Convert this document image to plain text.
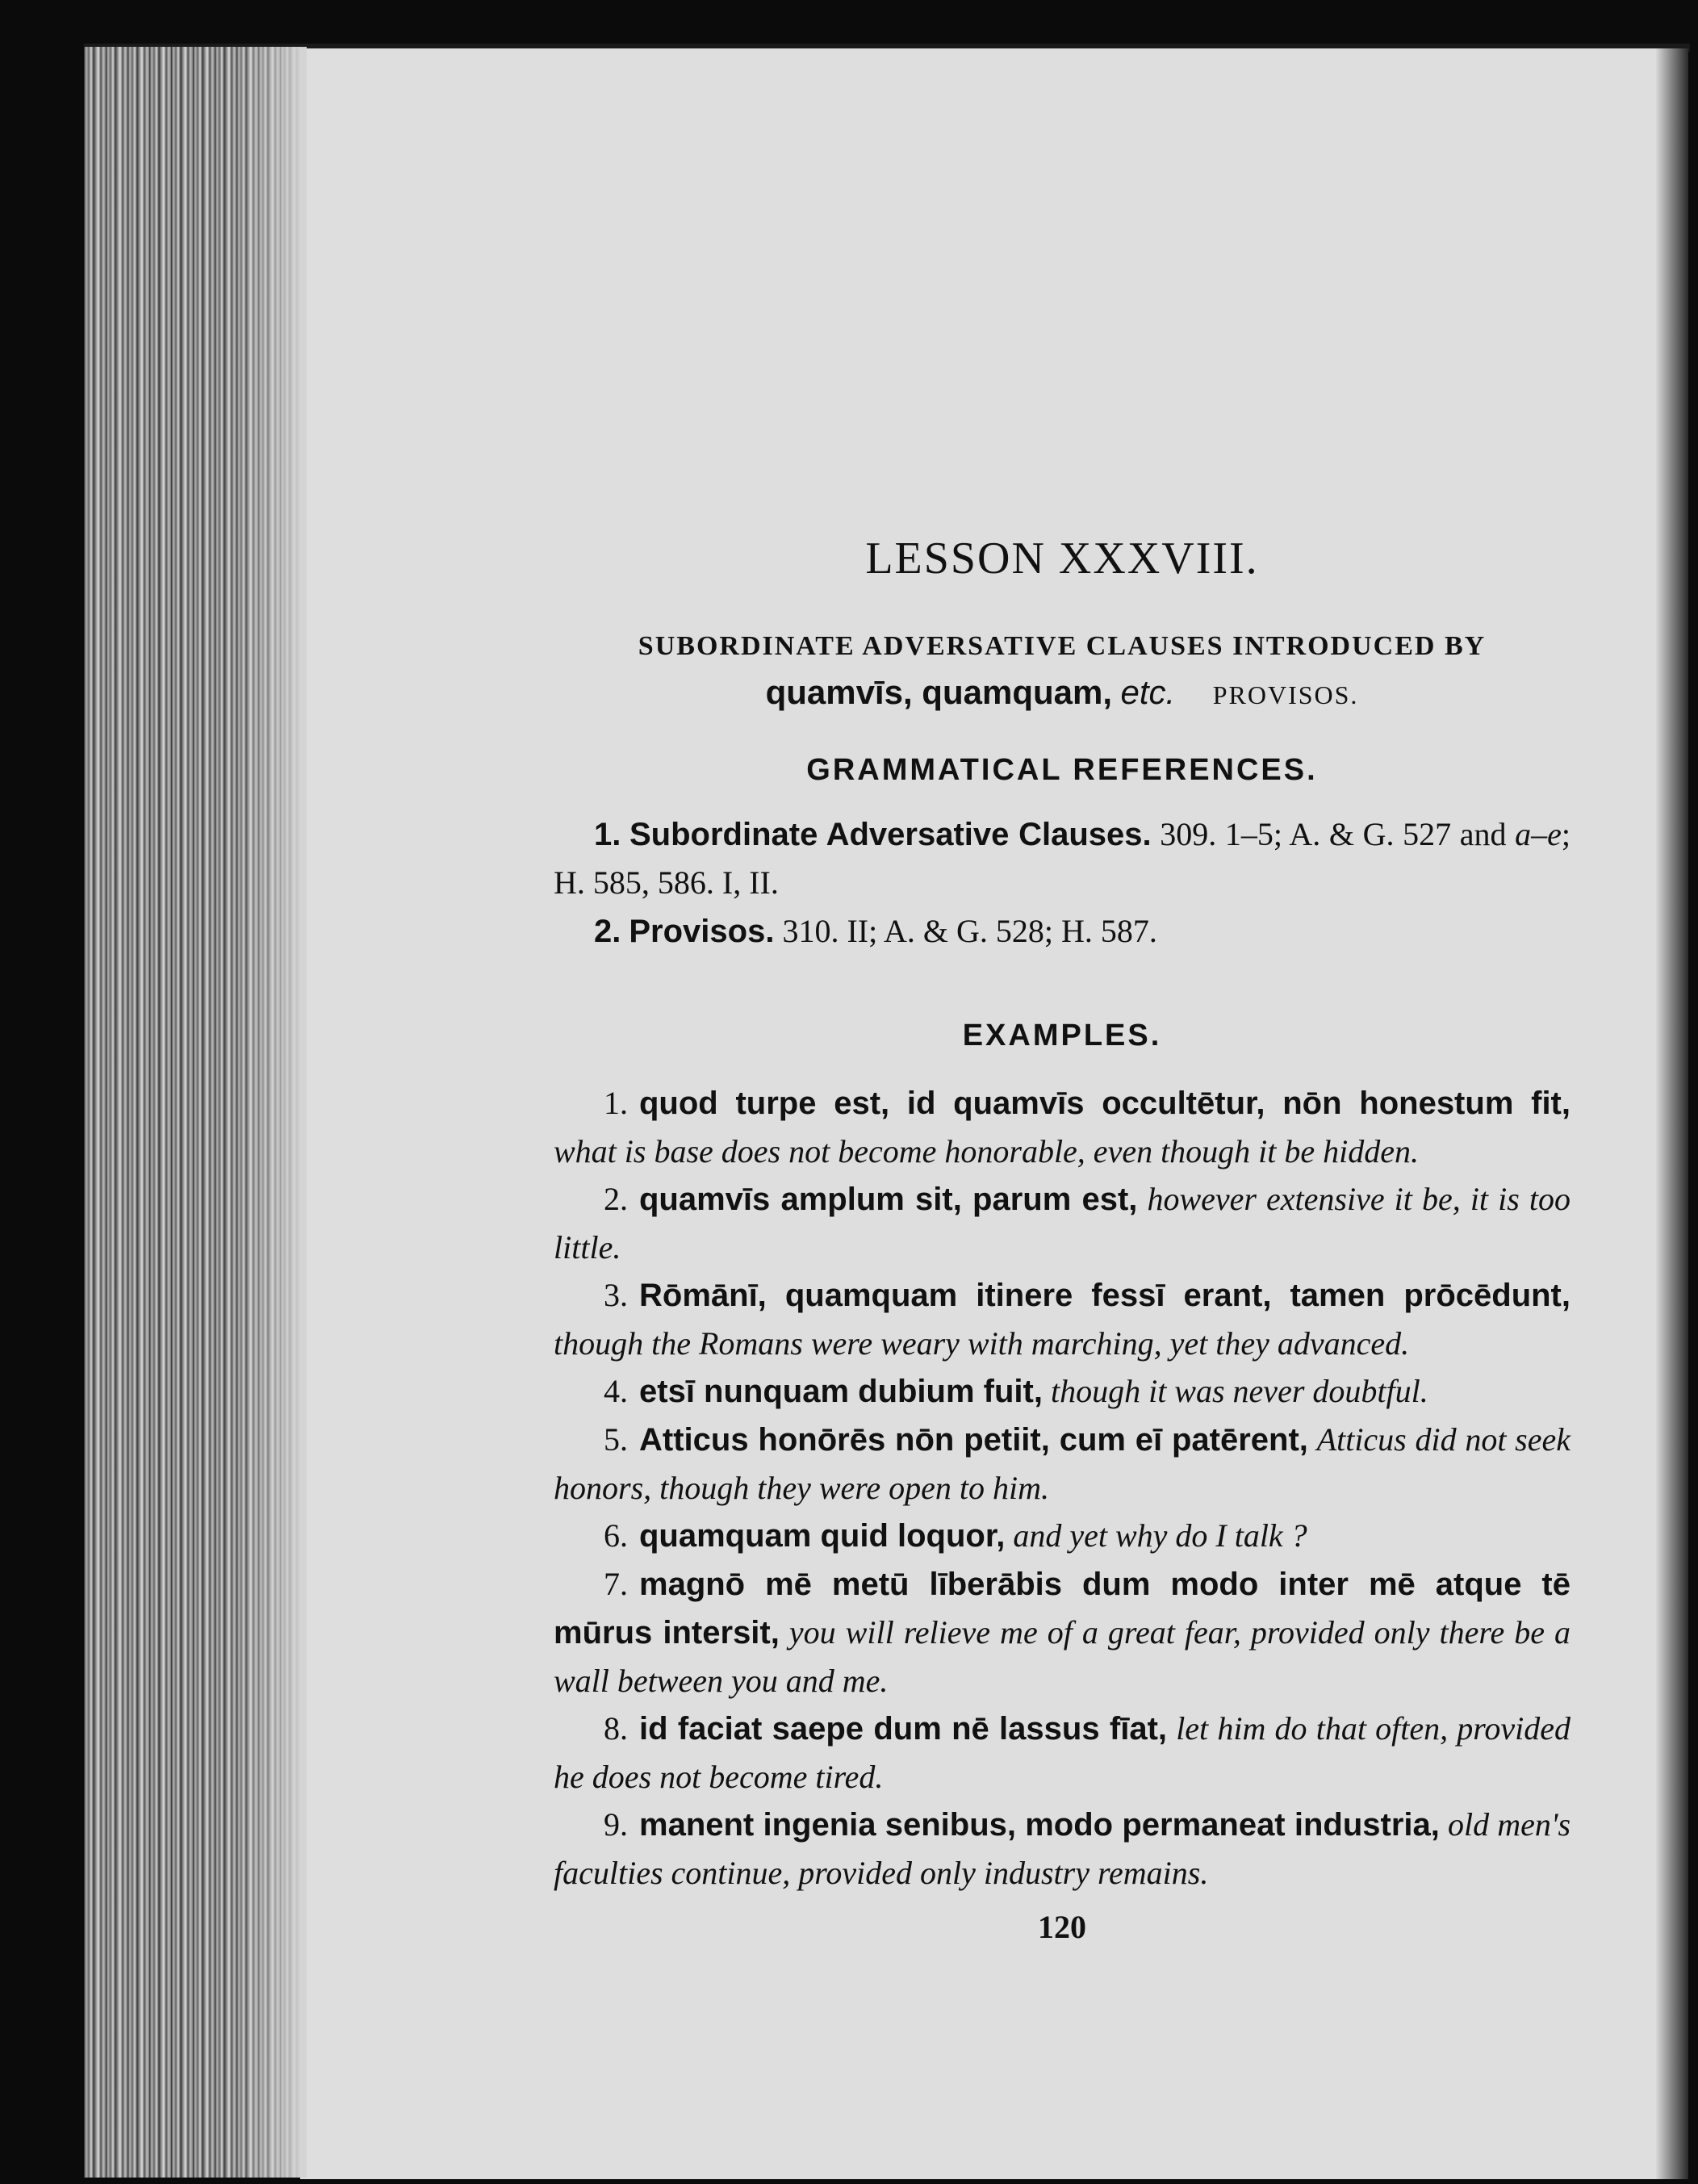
LESSON XXXVIII.
SUBORDINATE ADVERSATIVE CLAUSES INTRODUCED BY
quamvīs, quamquam, etc. PROVISOS.
GRAMMATICAL REFERENCES.
1. Subordinate Adversative Clauses. 309. 1–5; A. & G. 527 and a–e; H. 585, 586. I, II.
2. Provisos. 310. II; A. & G. 528; H. 587.
EXAMPLES.
1. quod turpe est, id quamvīs occultētur, nōn honestum fit, what is base does not become honorable, even though it be hidden.
2. quamvīs amplum sit, parum est, however extensive it be, it is too little.
3. Rōmānī, quamquam itinere fessī erant, tamen prōcēdunt, though the Romans were weary with marching, yet they advanced.
4. etsī nunquam dubium fuit, though it was never doubtful.
5. Atticus honōrēs nōn petiit, cum eī patērent, Atticus did not seek honors, though they were open to him.
6. quamquam quid loquor, and yet why do I talk ?
7. magnō mē metū līberābis dum modo inter mē atque tē mūrus intersit, you will relieve me of a great fear, provided only there be a wall between you and me.
8. id faciat saepe dum nē lassus fīat, let him do that often, provided he does not become tired.
9. manent ingenia senibus, modo permaneat industria, old men's faculties continue, provided only industry remains.
120
